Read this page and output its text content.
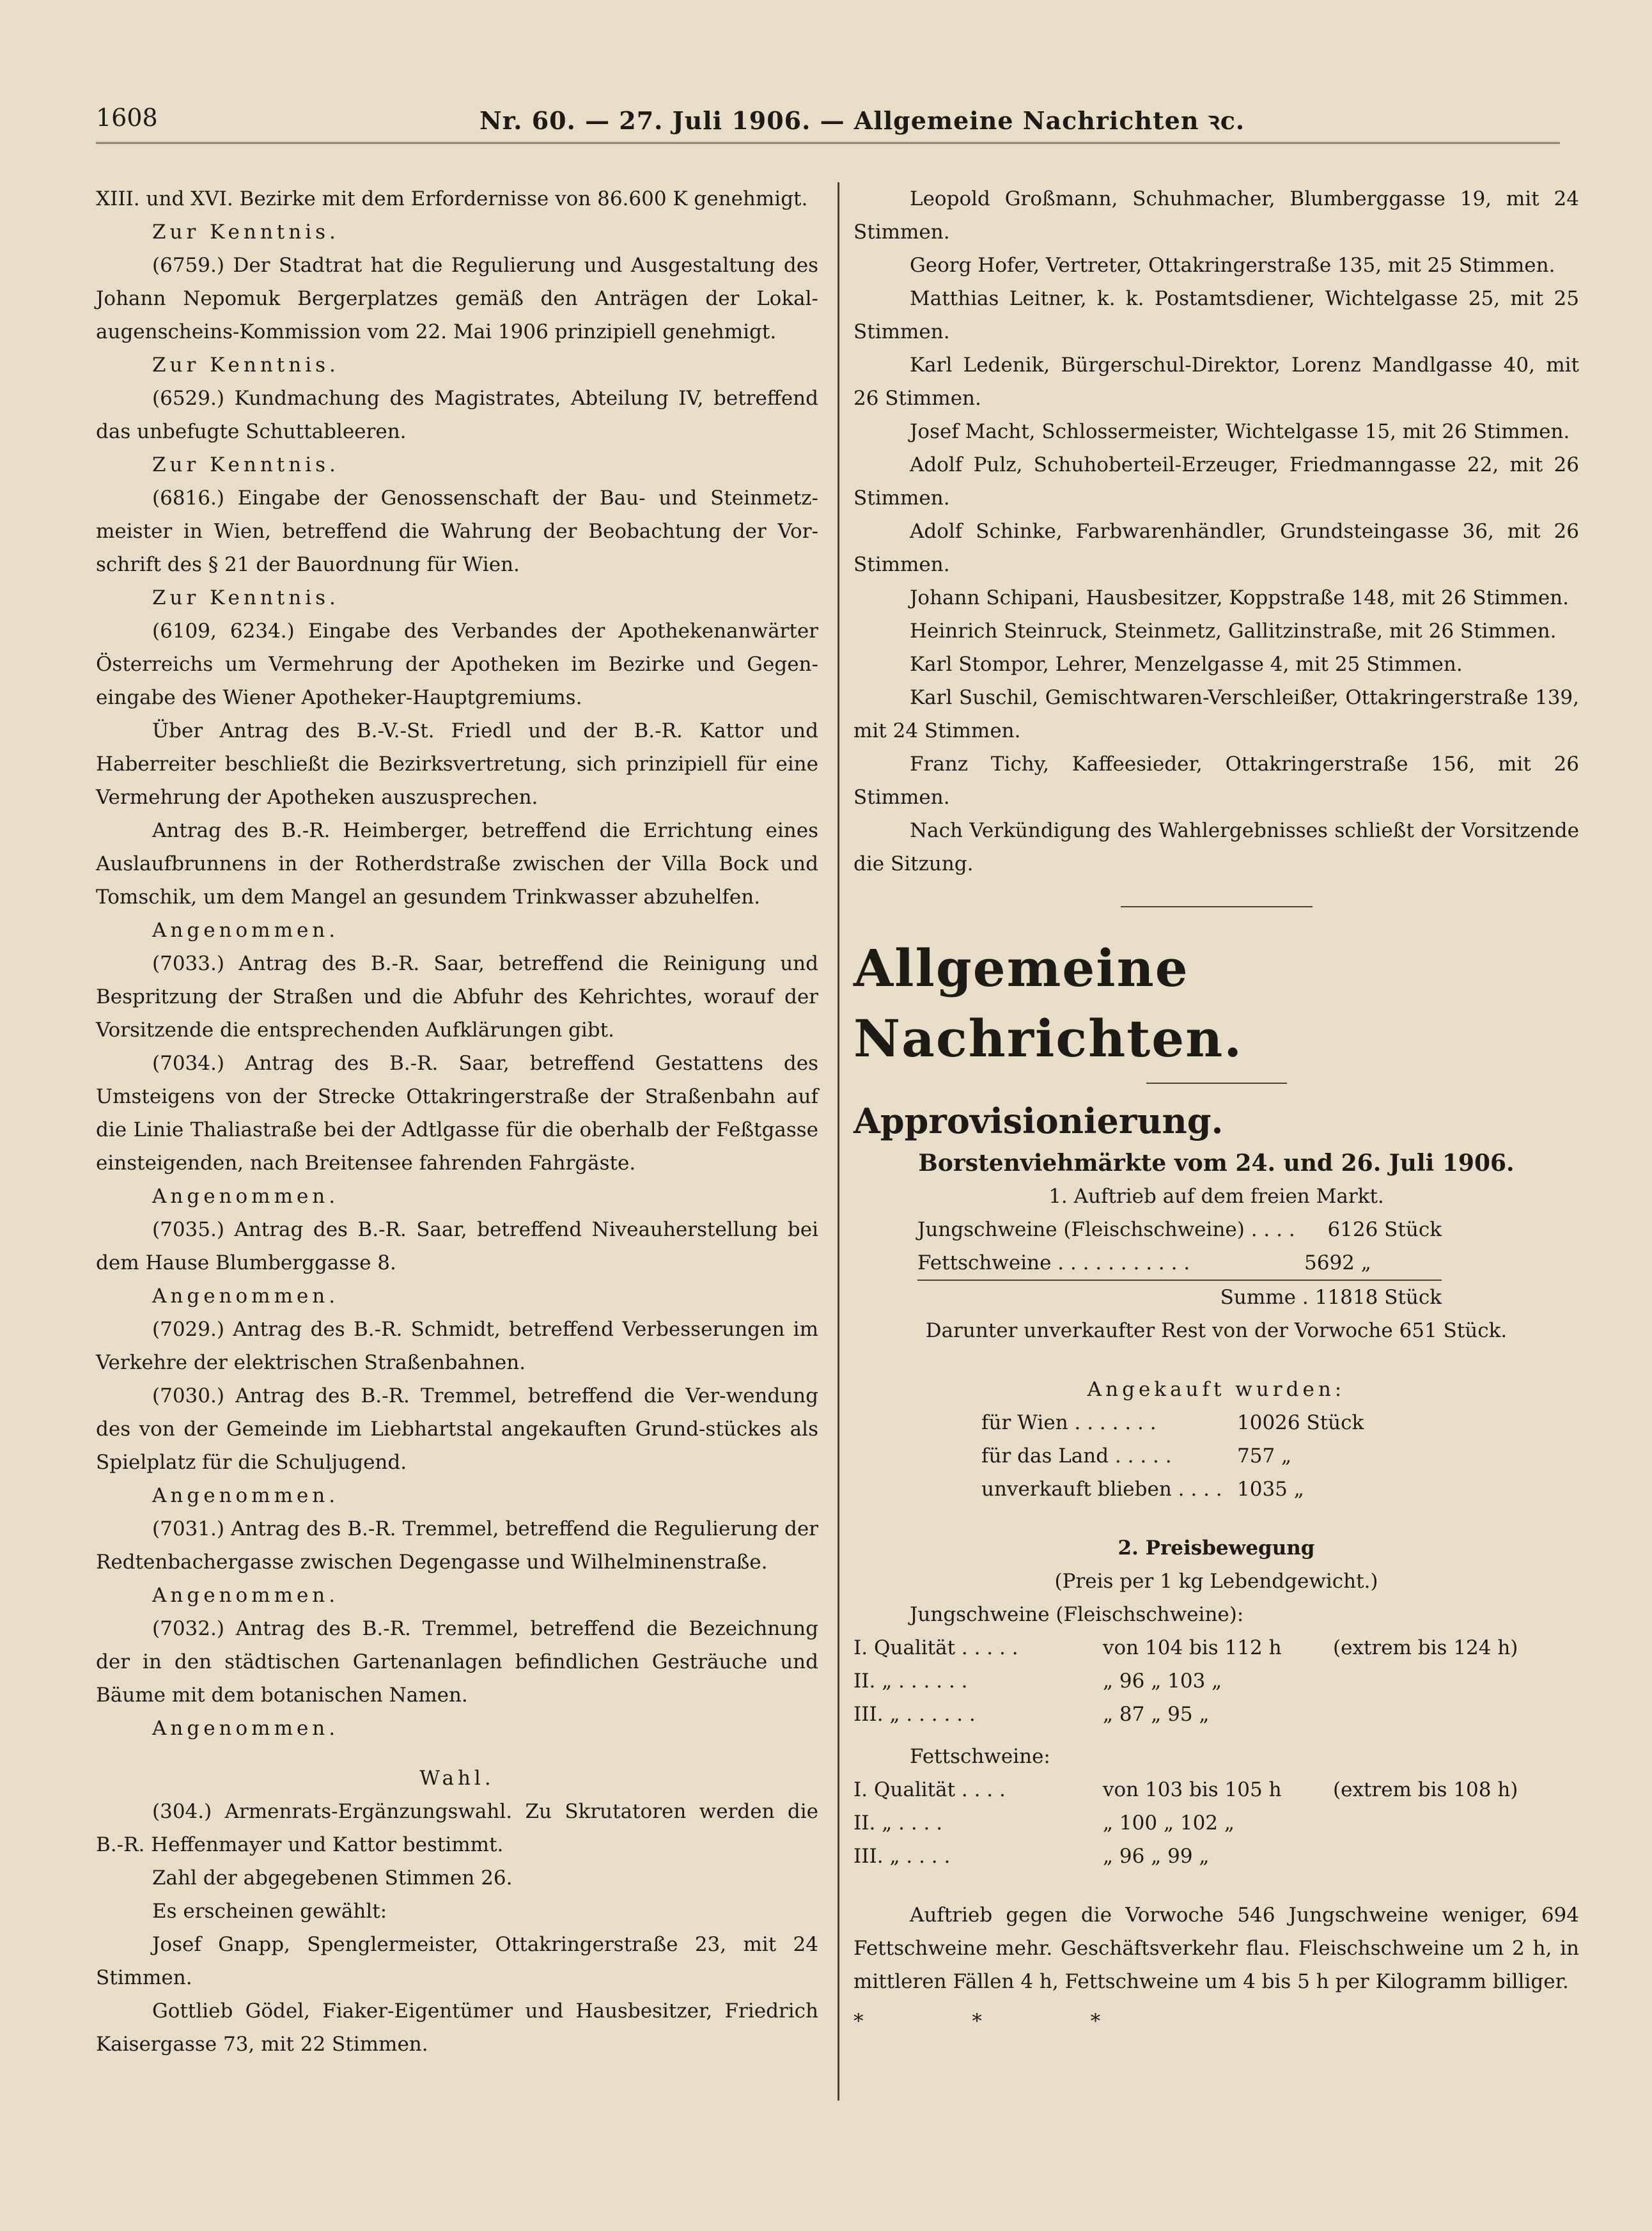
1608	Nr. 60. — 27. Juli 1906. — Allgemeine Nachrichten ꝛc.

XIII. und XVI. Bezirke mit dem Erfordernisse von 86.600 K genehmigt.

Zur Kenntnis.

(6759.) Der Stadtrat hat die Regulierung und Ausgestaltung des Johann Nepomuk Bergerplatzes gemäß den Anträgen der Lokal-augenscheins-Kommission vom 22. Mai 1906 prinzipiell genehmigt.

Zur Kenntnis.

(6529.) Kundmachung des Magistrates, Abteilung IV, betreffend das unbefugte Schuttableeren.

Zur Kenntnis.

(6816.) Eingabe der Genossenschaft der Bau- und Steinmetz-meister in Wien, betreffend die Wahrung der Beobachtung der Vor-schrift des § 21 der Bauordnung für Wien.

Zur Kenntnis.

(6109, 6234.) Eingabe des Verbandes der Apothekenanwärter Österreichs um Vermehrung der Apotheken im Bezirke und Gegen-eingabe des Wiener Apotheker-Hauptgremiums.

Über Antrag des B.-V.-St. Friedl und der B.-R. Kattor und Haberreiter beschließt die Bezirksvertretung, sich prinzipiell für eine Vermehrung der Apotheken auszusprechen.

Antrag des B.-R. Heimberger, betreffend die Errichtung eines Auslaufbrunnens in der Rotherdstraße zwischen der Villa Bock und Tomschik, um dem Mangel an gesundem Trinkwasser abzuhelfen.

Angenommen.

(7033.) Antrag des B.-R. Saar, betreffend die Reinigung und Bespritzung der Straßen und die Abfuhr des Kehrichtes, worauf der Vorsitzende die entsprechenden Aufklärungen gibt.

(7034.) Antrag des B.-R. Saar, betreffend Gestattens des Umsteigens von der Strecke Ottakringerstraße der Straßenbahn auf die Linie Thaliastraße bei der Adtlgasse für die oberhalb der Feßtgasse einsteigenden, nach Breitensee fahrenden Fahrgäste.

Angenommen.

(7035.) Antrag des B.-R. Saar, betreffend Niveauherstellung bei dem Hause Blumberggasse 8.

Angenommen.

(7029.) Antrag des B.-R. Schmidt, betreffend Verbesserungen im Verkehre der elektrischen Straßenbahnen.

(7030.) Antrag des B.-R. Tremmel, betreffend die Ver-wendung des von der Gemeinde im Liebhartstal angekauften Grund-stückes als Spielplatz für die Schuljugend.

Angenommen.

(7031.) Antrag des B.-R. Tremmel, betreffend die Regulierung der Redtenbachergasse zwischen Degengasse und Wilhelminenstraße.

Angenommen.

(7032.) Antrag des B.-R. Tremmel, betreffend die Bezeichnung der in den städtischen Gartenanlagen befindlichen Gesträuche und Bäume mit dem botanischen Namen.

Angenommen.

Wahl.

(304.) Armenrats-Ergänzungswahl. Zu Skrutatoren werden die B.-R. Heffenmayer und Kattor bestimmt.

Zahl der abgegebenen Stimmen 26.

Es erscheinen gewählt:

Josef Gnapp, Spenglermeister, Ottakringerstraße 23, mit 24 Stimmen.

Gottlieb Gödel, Fiaker-Eigentümer und Hausbesitzer, Friedrich Kaisergasse 73, mit 22 Stimmen.

Leopold Großmann, Schuhmacher, Blumberggasse 19, mit 24 Stimmen.

Georg Hofer, Vertreter, Ottakringerstraße 135, mit 25 Stimmen.

Matthias Leitner, k. k. Postamtsdiener, Wichtelgasse 25, mit 25 Stimmen.

Karl Ledenik, Bürgerschul-Direktor, Lorenz Mandlgasse 40, mit 26 Stimmen.

Josef Macht, Schlossermeister, Wichtelgasse 15, mit 26 Stimmen.

Adolf Pulz, Schuhoberteil-Erzeuger, Friedmanngasse 22, mit 26 Stimmen.

Adolf Schinke, Farbwarenhändler, Grundsteingasse 36, mit 26 Stimmen.

Johann Schipani, Hausbesitzer, Koppstraße 148, mit 26 Stimmen.

Heinrich Steinruck, Steinmetz, Gallitzinstraße, mit 26 Stimmen.

Karl Stompor, Lehrer, Menzelgasse 4, mit 25 Stimmen.

Karl Suschil, Gemischtwaren-Verschleißer, Ottakringerstraße 139, mit 24 Stimmen.

Franz Tichy, Kaffeesieder, Ottakringerstraße 156, mit 26 Stimmen.

Nach Verkündigung des Wahlergebnisses schließt der Vorsitzende die Sitzung.

Allgemeine Nachrichten.

Approvisionierung.

Borstenviehmärkte vom 24. und 26. Juli 1906.

1. Auftrieb auf dem freien Markt.

Jungschweine (Fleischschweine) . . . .	6126 Stück
Fettschweine . . . . . . . . . . .	5692 „
Summe . 11818 Stück

Darunter unverkaufter Rest von der Vorwoche 651 Stück.

Angekauft wurden:

für Wien . . . . . . .	10026 Stück
für das Land . . . . .	757 „
unverkauft blieben . . . . 1035 „

2. Preisbewegung

(Preis per 1 kg Lebendgewicht.)

Jungschweine (Fleischschweine):

I. Qualität . . . . .	von 104 bis 112 h	(extrem bis 124 h)
II. „ . . . . . .	„ 96 „ 103 „
III. „ . . . . . .	„ 87 „ 95 „

Fettschweine:

I. Qualität . . . .	von 103 bis 105 h	(extrem bis 108 h)
II. „ . . . .	„ 100 „ 102 „
III. „ . . . .	„ 96 „ 99 „

Auftrieb gegen die Vorwoche 546 Jungschweine weniger, 694 Fettschweine mehr. Geschäftsverkehr flau. Fleischschweine um 2 h, in mittleren Fällen 4 h, Fettschweine um 4 bis 5 h per Kilogramm billiger.

* * *
